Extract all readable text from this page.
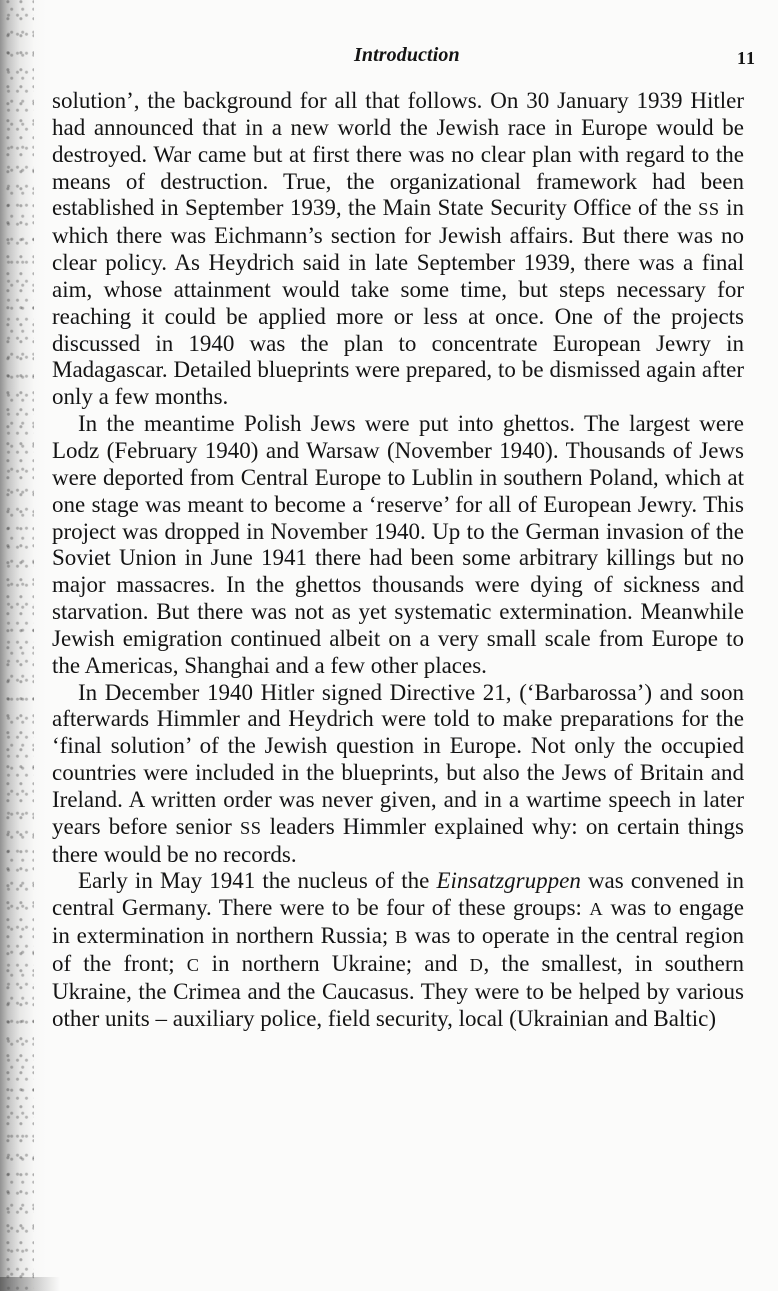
Introduction	11

solution’, the background for all that follows. On 30 January 1939 Hitler had announced that in a new world the Jewish race in Europe would be destroyed. War came but at first there was no clear plan with regard to the means of destruction. True, the organizational framework had been established in September 1939, the Main State Security Office of the SS in which there was Eichmann’s section for Jewish affairs. But there was no clear policy. As Heydrich said in late September 1939, there was a final aim, whose attainment would take some time, but steps necessary for reaching it could be applied more or less at once. One of the projects discussed in 1940 was the plan to concentrate European Jewry in Madagascar. Detailed blueprints were prepared, to be dismissed again after only a few months.

In the meantime Polish Jews were put into ghettos. The largest were Lodz (February 1940) and Warsaw (November 1940). Thousands of Jews were deported from Central Europe to Lublin in southern Poland, which at one stage was meant to become a ‘reserve’ for all of European Jewry. This project was dropped in November 1940. Up to the German invasion of the Soviet Union in June 1941 there had been some arbitrary killings but no major massacres. In the ghettos thousands were dying of sickness and starvation. But there was not as yet systematic extermination. Meanwhile Jewish emigration continued albeit on a very small scale from Europe to the Americas, Shanghai and a few other places.

In December 1940 Hitler signed Directive 21, (‘Barbarossa’) and soon afterwards Himmler and Heydrich were told to make preparations for the ‘final solution’ of the Jewish question in Europe. Not only the occupied countries were included in the blueprints, but also the Jews of Britain and Ireland. A written order was never given, and in a wartime speech in later years before senior SS leaders Himmler explained why: on certain things there would be no records.

Early in May 1941 the nucleus of the Einsatzgruppen was convened in central Germany. There were to be four of these groups: A was to engage in extermination in northern Russia; B was to operate in the central region of the front; C in northern Ukraine; and D, the smallest, in southern Ukraine, the Crimea and the Caucasus. They were to be helped by various other units – auxiliary police, field security, local (Ukrainian and Baltic)
